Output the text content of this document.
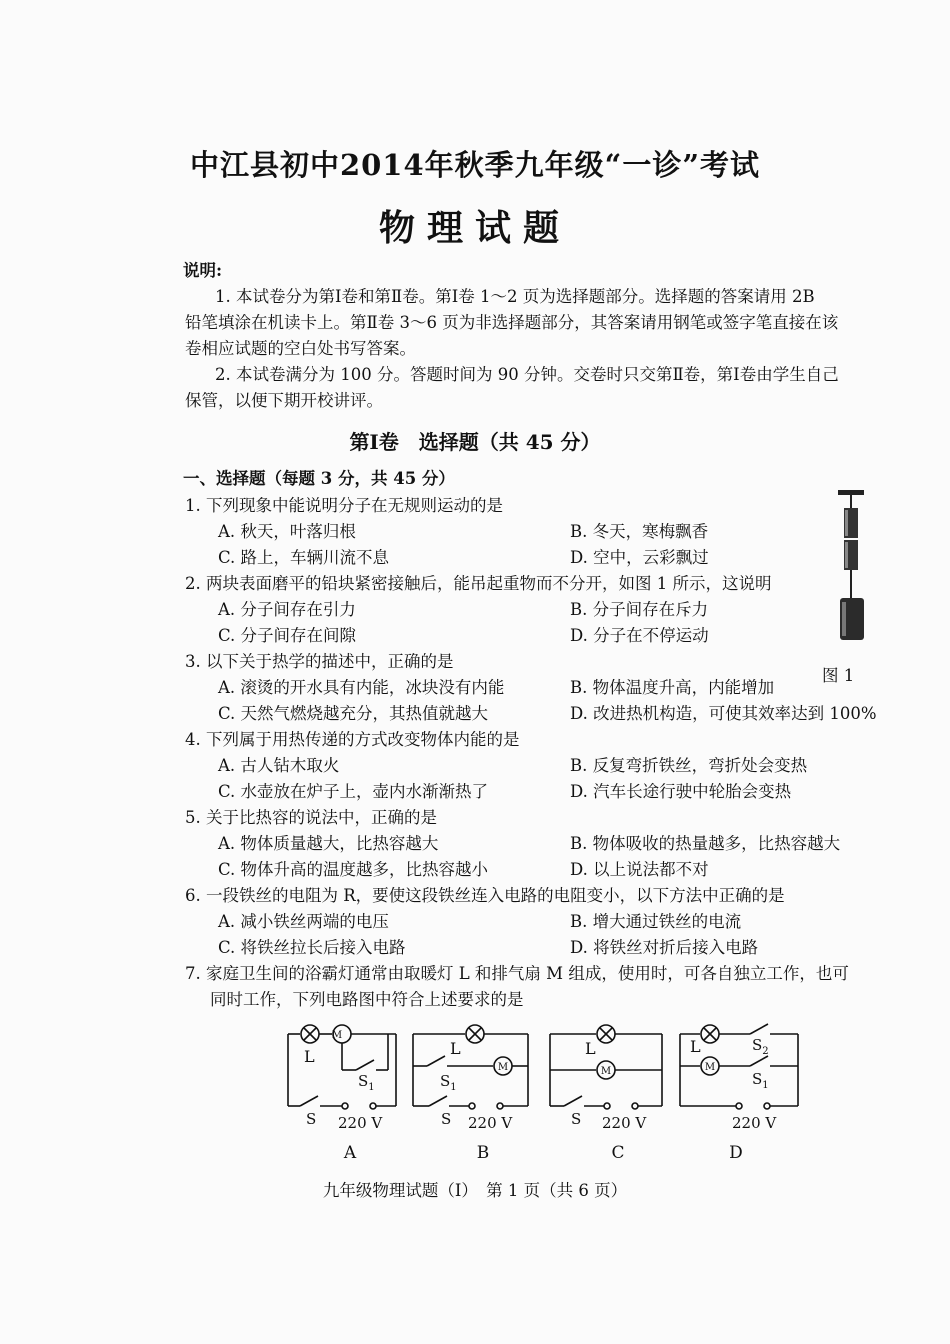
中江县初中2014年秋季九年级“一诊”考试
物理试题
说明:
1. 本试卷分为第Ⅰ卷和第Ⅱ卷。第Ⅰ卷 1～2 页为选择题部分。选择题的答案请用 2B
铅笔填涂在机读卡上。第Ⅱ卷 3～6 页为非选择题部分，其答案请用钢笔或签字笔直接在该
卷相应试题的空白处书写答案。
2. 本试卷满分为 100 分。答题时间为 90 分钟。交卷时只交第Ⅱ卷，第Ⅰ卷由学生自己
保管，以便下期开校讲评。
第Ⅰ卷　选择题（共 45 分）
一、选择题（每题 3 分，共 45 分）
1. 下列现象中能说明分子在无规则运动的是
A. 秋天，叶落归根	B. 冬天，寒梅飘香
C. 路上，车辆川流不息	D. 空中，云彩飘过
2. 两块表面磨平的铅块紧密接触后，能吊起重物而不分开，如图 1 所示，这说明
A. 分子间存在引力	B. 分子间存在斥力
C. 分子间存在间隙	D. 分子在不停运动
3. 以下关于热学的描述中，正确的是
A. 滚烫的开水具有内能，冰块没有内能	B. 物体温度升高，内能增加
C. 天然气燃烧越充分，其热值就越大	D. 改进热机构造，可使其效率达到 100%
4. 下列属于用热传递的方式改变物体内能的是
A. 古人钻木取火	B. 反复弯折铁丝，弯折处会变热
C. 水壶放在炉子上，壶内水渐渐热了	D. 汽车长途行驶中轮胎会变热
5. 关于比热容的说法中，正确的是
A. 物体质量越大，比热容越大	B. 物体吸收的热量越多，比热容越大
C. 物体升高的温度越多，比热容越小	D. 以上说法都不对
6. 一段铁丝的电阻为 R，要使这段铁丝连入电路的电阻变小，以下方法中正确的是
A. 减小铁丝两端的电压	B. 增大通过铁丝的电流
C. 将铁丝拉长后接入电路	D. 将铁丝对折后接入电路
7. 家庭卫生间的浴霸灯通常由取暖灯 L 和排气扇 M 组成，使用时，可各自独立工作，也可
同时工作，下列电路图中符合上述要求的是
图 1
M
M	M	M
L	L	L	L
$S_1$	$S_1$
$S_2$
$S_1$
S	S	S
220 V	220 V	220 V	220 V
A	B	C	D
九年级物理试题（Ⅰ）　第 1 页（共 6 页）
